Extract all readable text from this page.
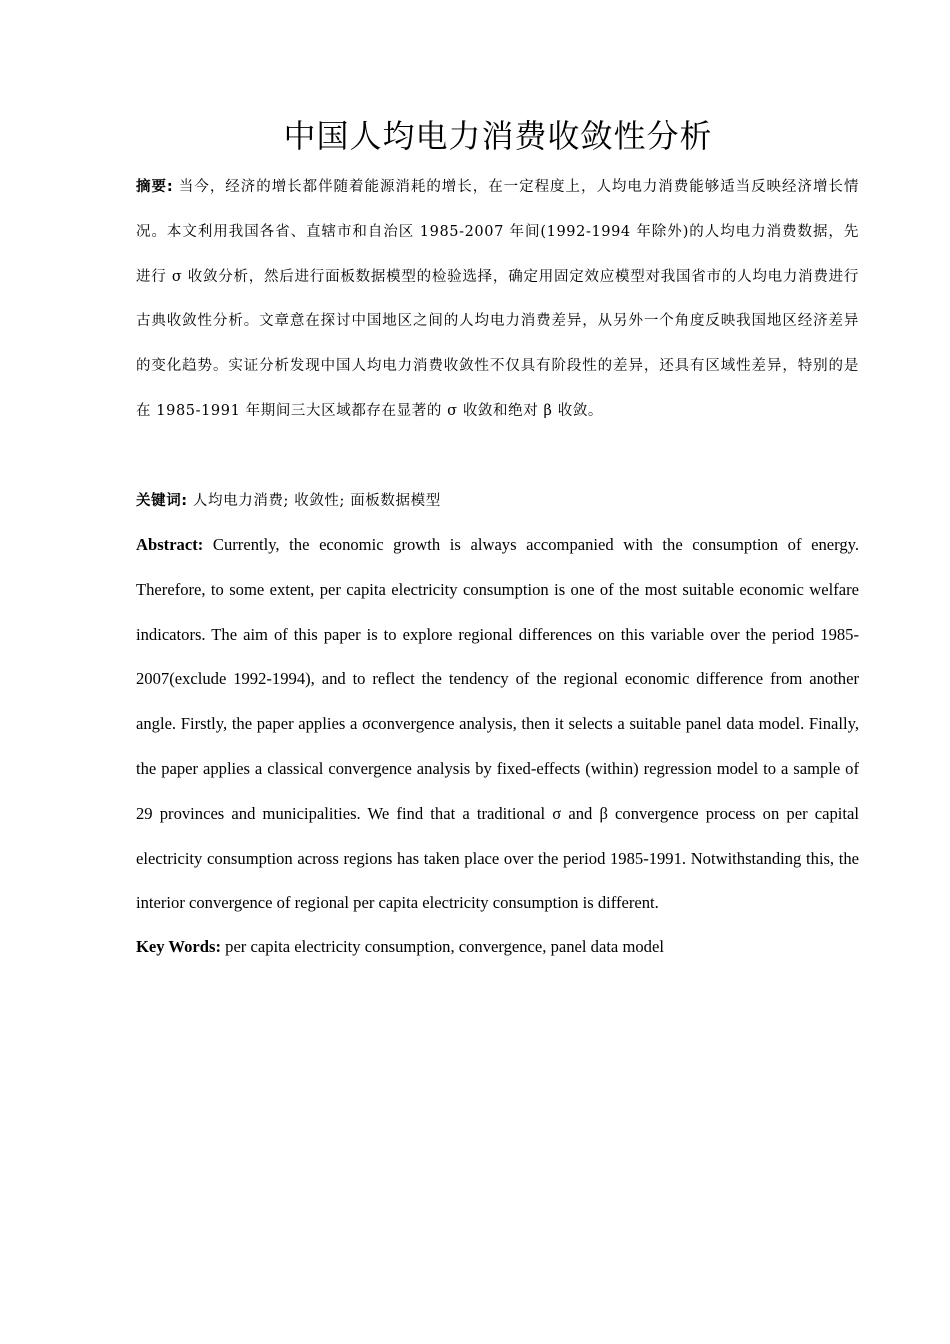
中国人均电力消费收敛性分析

摘要: 当今，经济的增长都伴随着能源消耗的增长，在一定程度上，人均电力消费能够适当反映经济增长情况。本文利用我国各省、直辖市和自治区 1985-2007 年间(1992-1994 年除外)的人均电力消费数据，先进行 σ 收敛分析，然后进行面板数据模型的检验选择，确定用固定效应模型对我国省市的人均电力消费进行古典收敛性分析。文章意在探讨中国地区之间的人均电力消费差异，从另外一个角度反映我国地区经济差异的变化趋势。实证分析发现中国人均电力消费收敛性不仅具有阶段性的差异，还具有区域性差异，特别的是在 1985-1991 年期间三大区域都存在显著的 σ 收敛和绝对 β 收敛。

关键词: 人均电力消费; 收敛性; 面板数据模型

Abstract: Currently, the economic growth is always accompanied with the consumption of energy. Therefore, to some extent, per capita electricity consumption is one of the most suitable economic welfare indicators. The aim of this paper is to explore regional differences on this variable over the period 1985-2007(exclude 1992-1994), and to reflect the tendency of the regional economic difference from another angle. Firstly, the paper applies a σconvergence analysis, then it selects a suitable panel data model. Finally, the paper applies a classical convergence analysis by fixed-effects (within) regression model to a sample of 29 provinces and municipalities. We find that a traditional σ and β convergence process on per capital electricity consumption across regions has taken place over the period 1985-1991. Notwithstanding this, the interior convergence of regional per capita electricity consumption is different.

Key Words: per capita electricity consumption, convergence, panel data model
